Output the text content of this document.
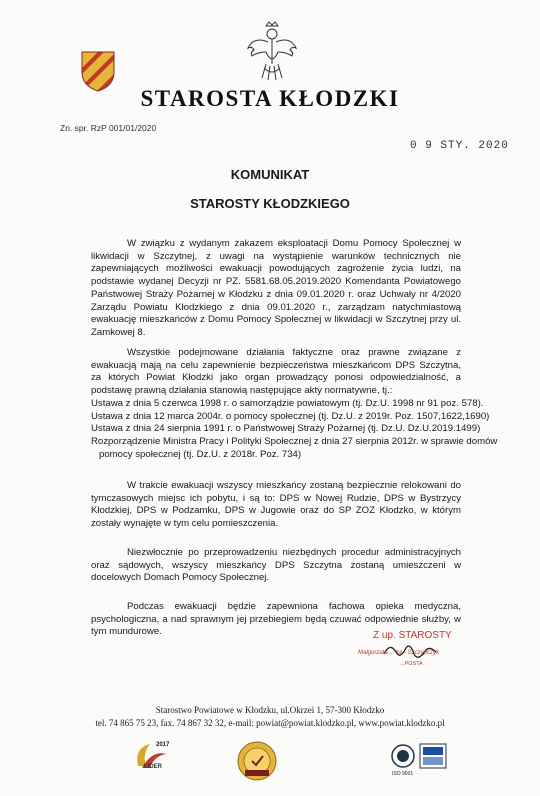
STAROSTA KŁODZKI
Zn. spr. RzP 001/01/2020
0 9 STY. 2020
KOMUNIKAT
STAROSTY KŁODZKIEGO

W związku z wydanym zakazem eksploatacji Domu Pomocy Społecznej w likwidacji w Szczytnej, z uwagi na wystąpienie warunków technicznych nie zapewniających możliwości ewakuacji powodujących zagrożenie życia ludzi, na podstawie wydanej Decyzji nr PZ. 5581.68.05.2019.2020 Komendanta Powiatowego Państwowej Straży Pożarnej w Kłodzku z dnia 09.01.2020 r. oraz Uchwały nr 4/2020 Zarządu Powiatu Kłodzkiego z dnia 09.01.2020 r., zarządzam natychmiastową ewakuację mieszkańców z Domu Pomocy Społecznej w likwidacji w Szczytnej przy ul. Zamkowej 8.

Wszystkie podejmowane działania faktyczne oraz prawne związane z ewakuacją mają na celu zapewnienie bezpieczeństwa mieszkańcom DPS Szczytna, za których Powiat Kłodzki jako organ prowadzący ponosi odpowiedzialność, a podstawę prawną działania stanowią następujące akty normatywne, tj.:

Ustawa z dnia 5 czerwca 1998 r. o samorządzie powiatowym (tj. Dz.U. 1998 nr 91 poz. 578).
Ustawa z dnia 12 marca 2004r. o pomocy społecznej (tj. Dz.U. z 2019r. Poz. 1507,1622,1690)
Ustawa z dnia 24 sierpnia 1991 r. o Państwowej Straży Pożarnej (tj. Dz.U. Dz.U.2019.1499)
Rozporządzenie Ministra Pracy i Polityki Społecznej z dnia 27 sierpnia 2012r. w sprawie domów
pomocy społecznej (tj. Dz.U. z 2018r. Poz. 734)

W trakcie ewakuacji wszyscy mieszkańcy zostaną bezpiecznie relokowani do tymczasowych miejsc ich pobytu, i są to: DPS w Nowej Rudzie, DPS w Bystrzycy Kłodzkiej, DPS w Podzamku, DPS w Jugowie oraz do SP ZOZ Kłodzko, w którym zostały wynajęte w tym celu pomieszczenia.

Niezwłocznie po przeprowadzeniu niezbędnych procedur administracyjnych oraz sądowych, wszyscy mieszkańcy DPS Szczytna zostaną umieszczeni w docelowych Domach Pomocy Społecznej.

Podczas ewakuacji będzie zapewniona fachowa opieka medyczna, psychologiczna, a nad sprawnym jej przebiegiem będą czuwać odpowiednie służby, w tym mundurowe.	Z up. STAROSTY
Małgorzata ... ka - Szczypczyk
...POSTA
Starostwo Powiatowe w Kłodzku, ul.Okrzei 1, 57-300 Kłodzko
tel. 74 865 75 23, fax. 74 867 32 32, e-mail: powiat@powiat.klodzko.pl, www.powiat.klodzko.pl
2017
LIDER
ISO 9001
